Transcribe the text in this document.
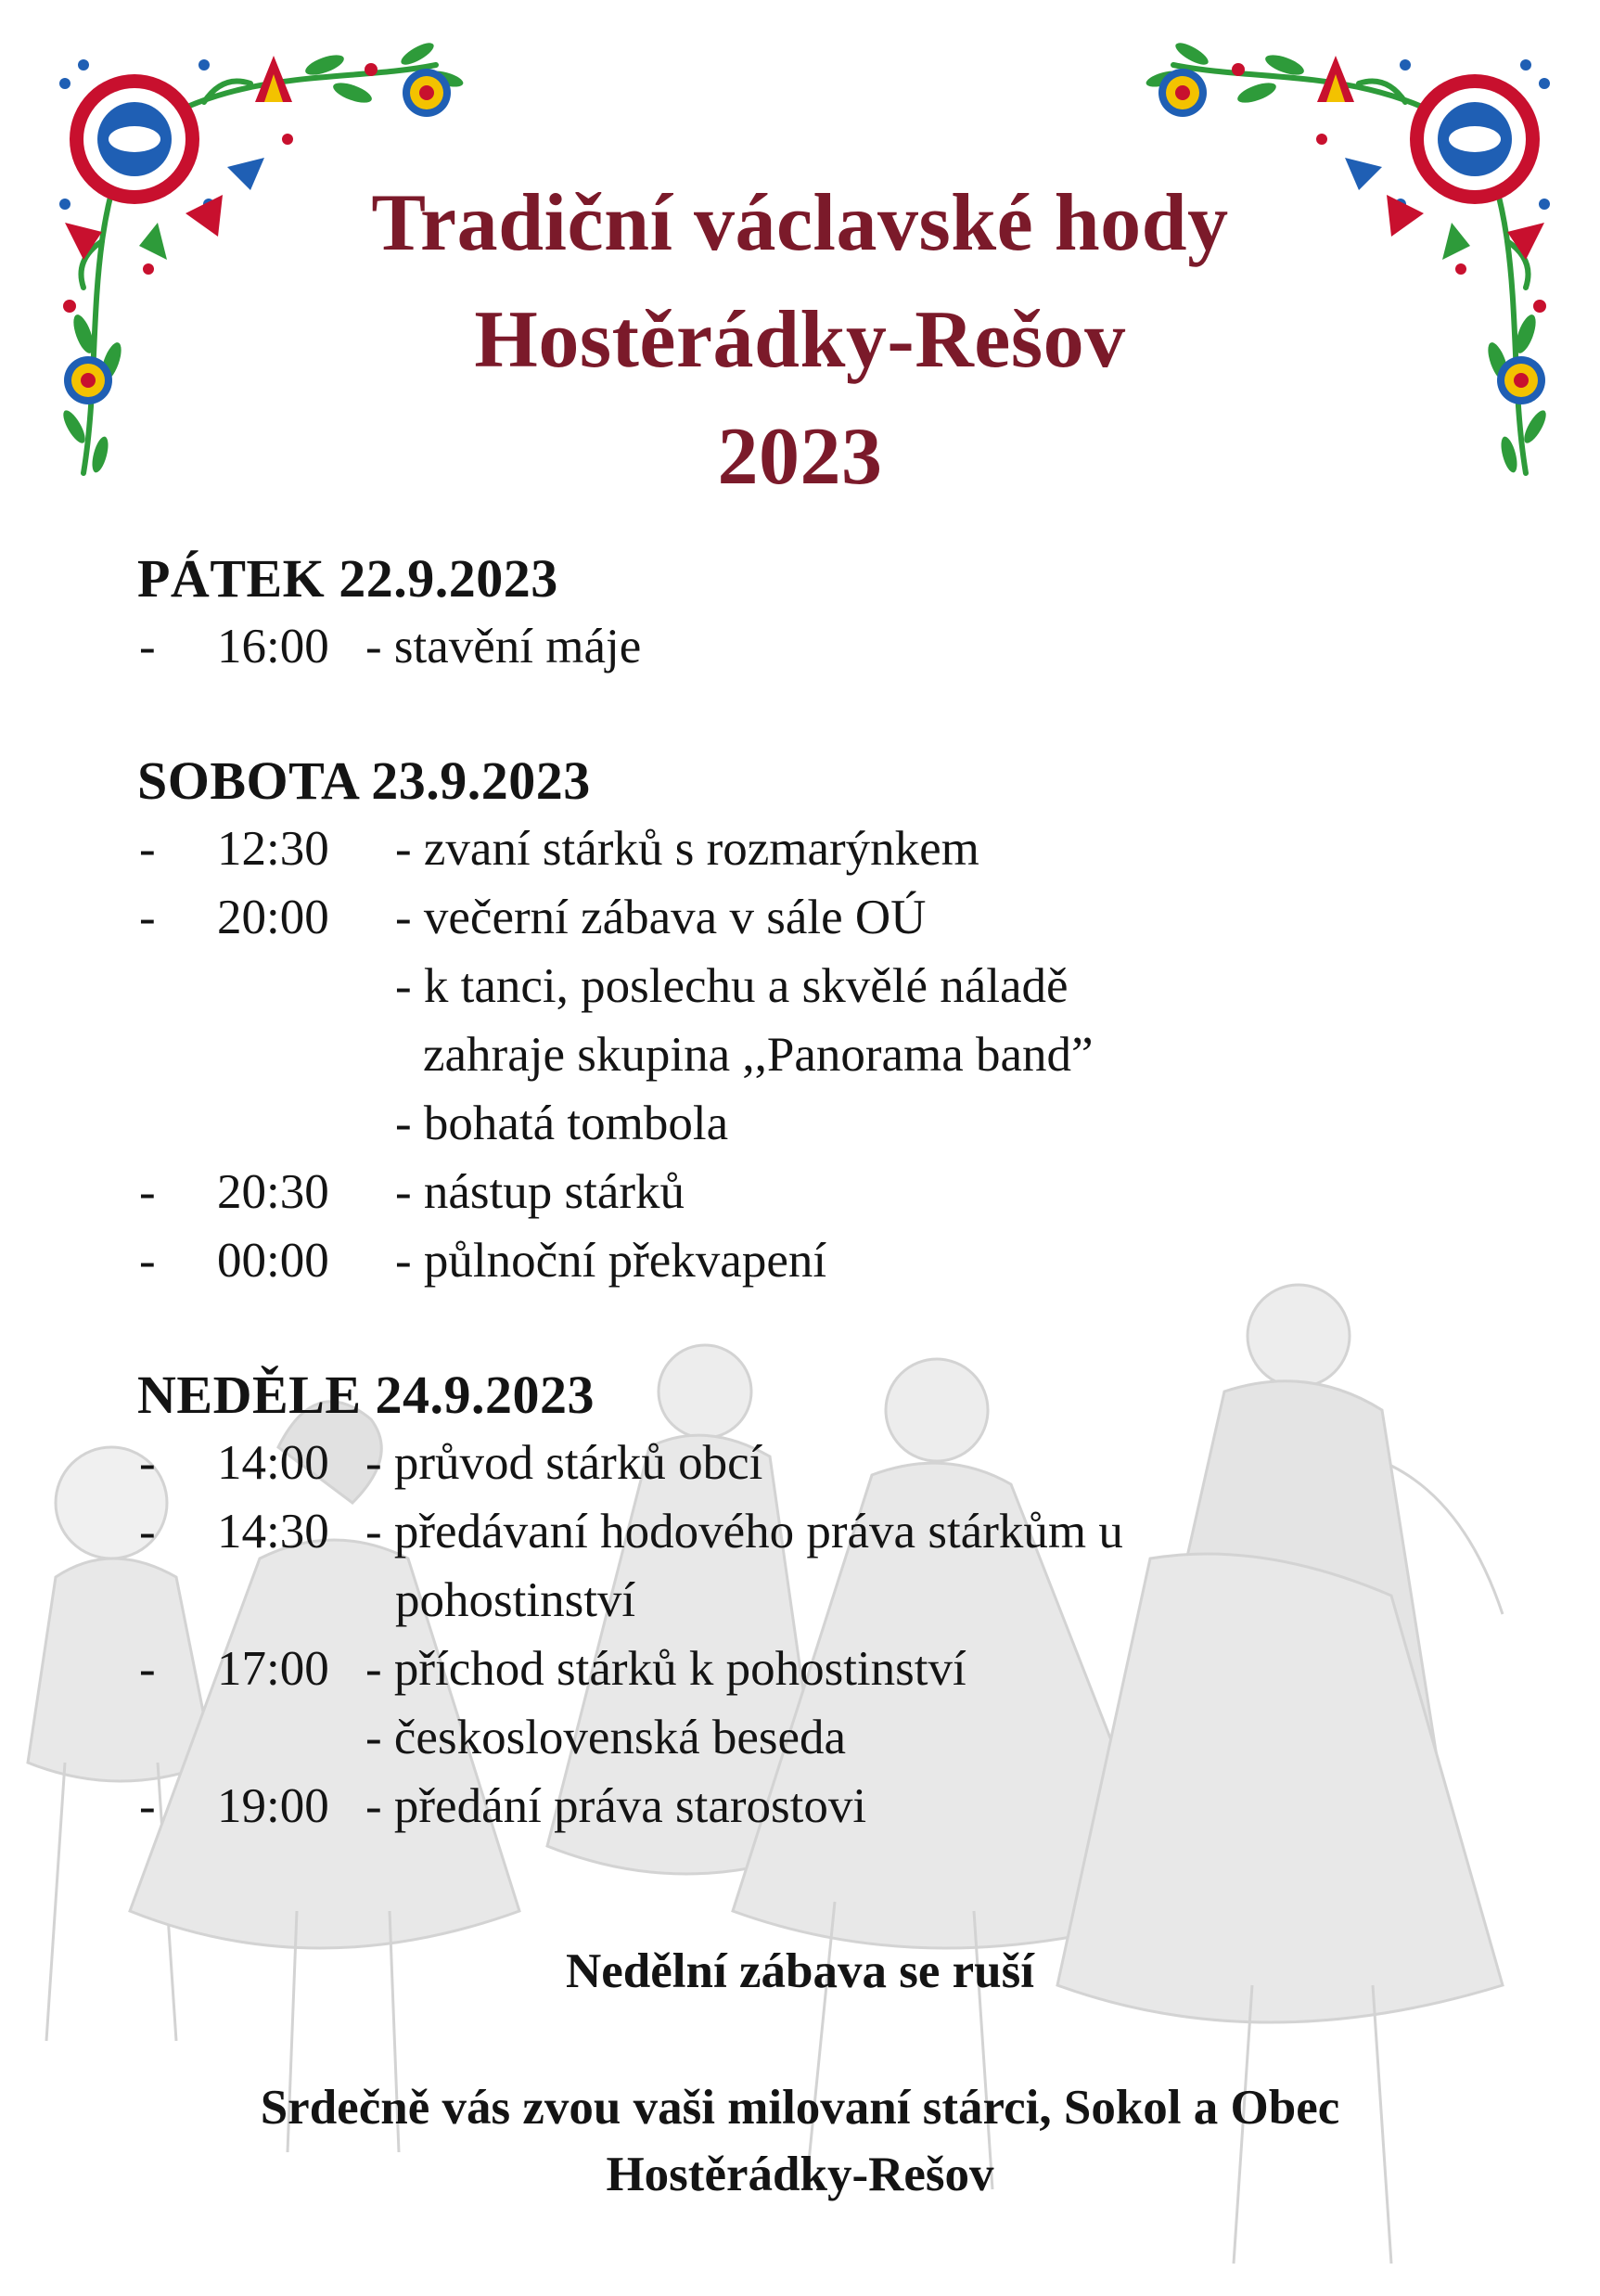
Tradiční václavské hody
Hostěrádky-Rešov
2023
PÁTEK 22.9.2023
- 16:00 - stavění máje
SOBOTA 23.9.2023
- 12:30 - zvaní stárků s rozmarýnkem
- 20:00 - večerní zábava v sále OÚ
- k tanci, poslechu a skvělé náladě
zahraje skupina ,,Panorama band”
- bohatá tombola
- 20:30 - nástup stárků
- 00:00 - půlnoční překvapení
NEDĚLE 24.9.2023
- 14:00 - průvod stárků obcí
- 14:30 - předávaní hodového práva stárkům u
pohostinství
- 17:00 - příchod stárků k pohostinství
- československá beseda
- 19:00 - předání práva starostovi
Nedělní zábava se ruší
Srdečně vás zvou vaši milovaní stárci, Sokol a Obec
Hostěrádky-Rešov
